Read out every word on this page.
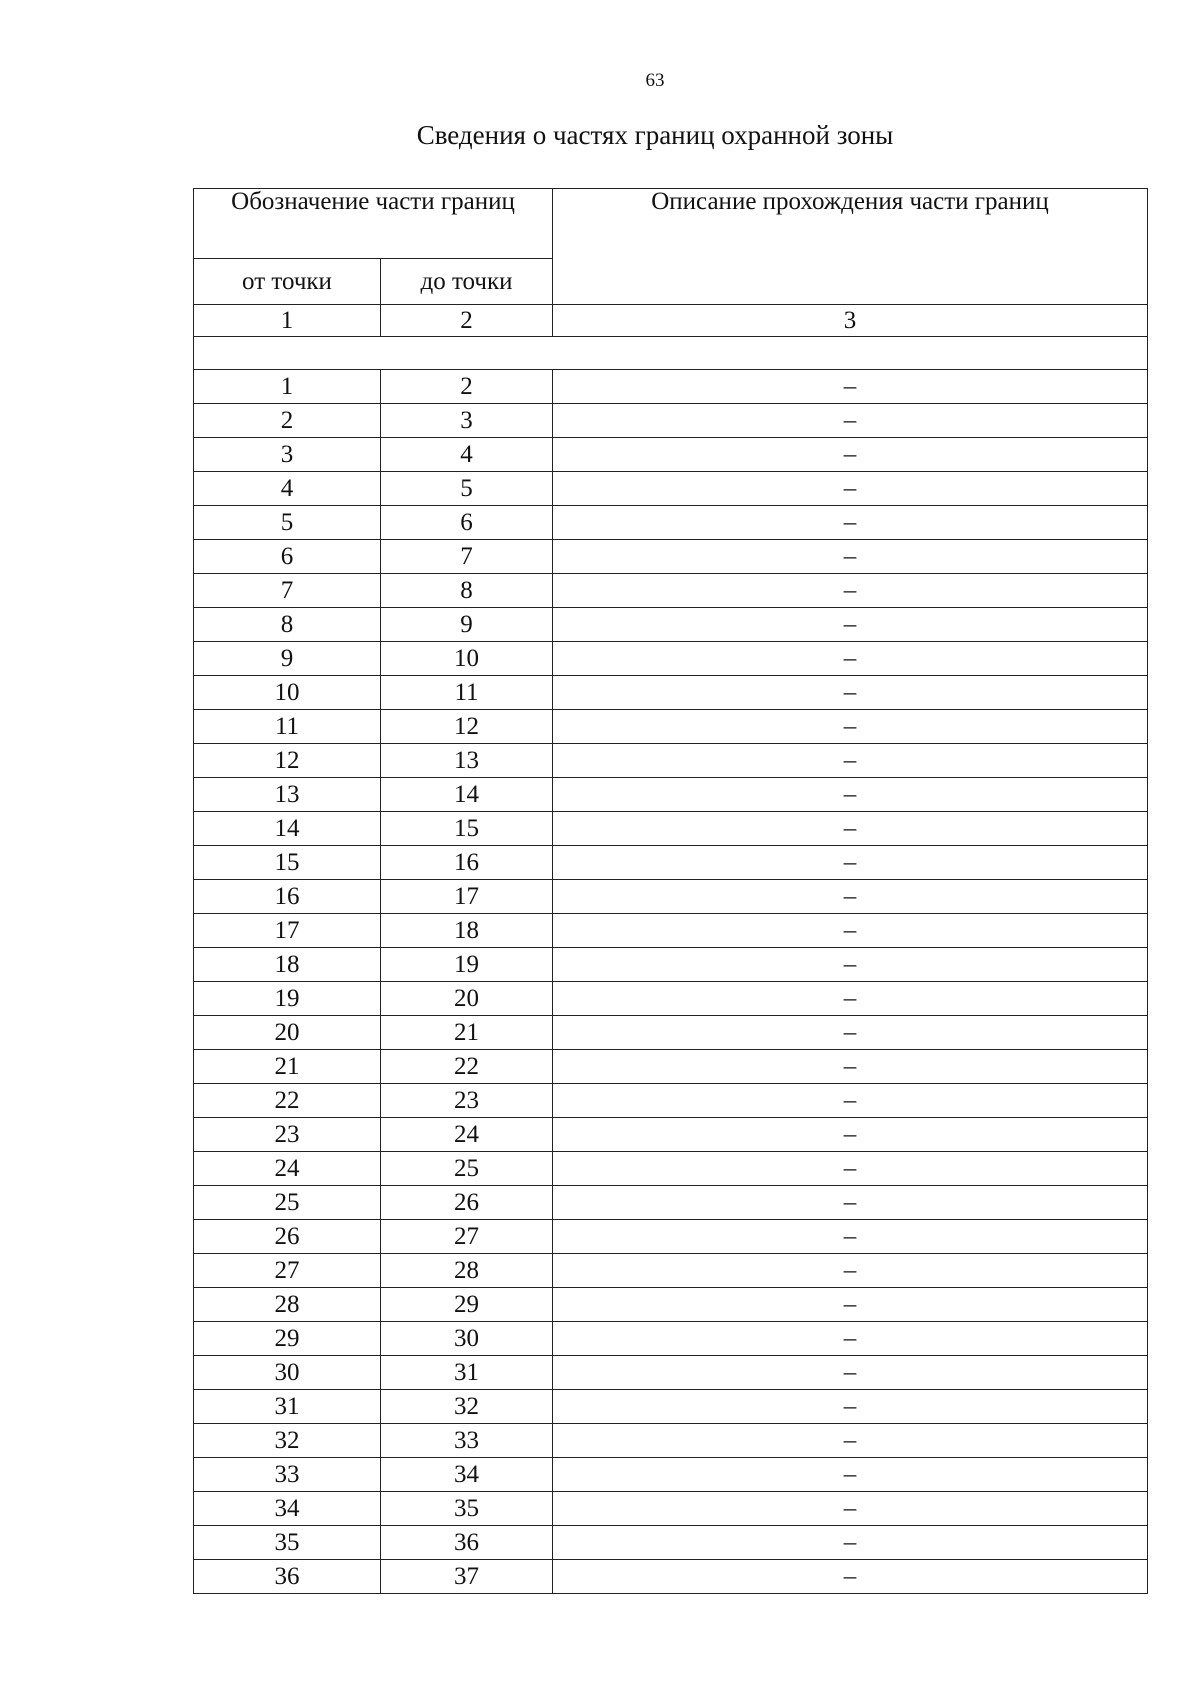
63
Сведения о частях границ охранной зоны
Обозначение части границ		Описание прохождения части границ
от точки	до точки	
1	2	3

1	2	–
2	3	–
3	4	–
4	5	–
5	6	–
6	7	–
7	8	–
8	9	–
9	10	–
10	11	–
11	12	–
12	13	–
13	14	–
14	15	–
15	16	–
16	17	–
17	18	–
18	19	–
19	20	–
20	21	–
21	22	–
22	23	–
23	24	–
24	25	–
25	26	–
26	27	–
27	28	–
28	29	–
29	30	–
30	31	–
31	32	–
32	33	–
33	34	–
34	35	–
35	36	–
36	37	–
